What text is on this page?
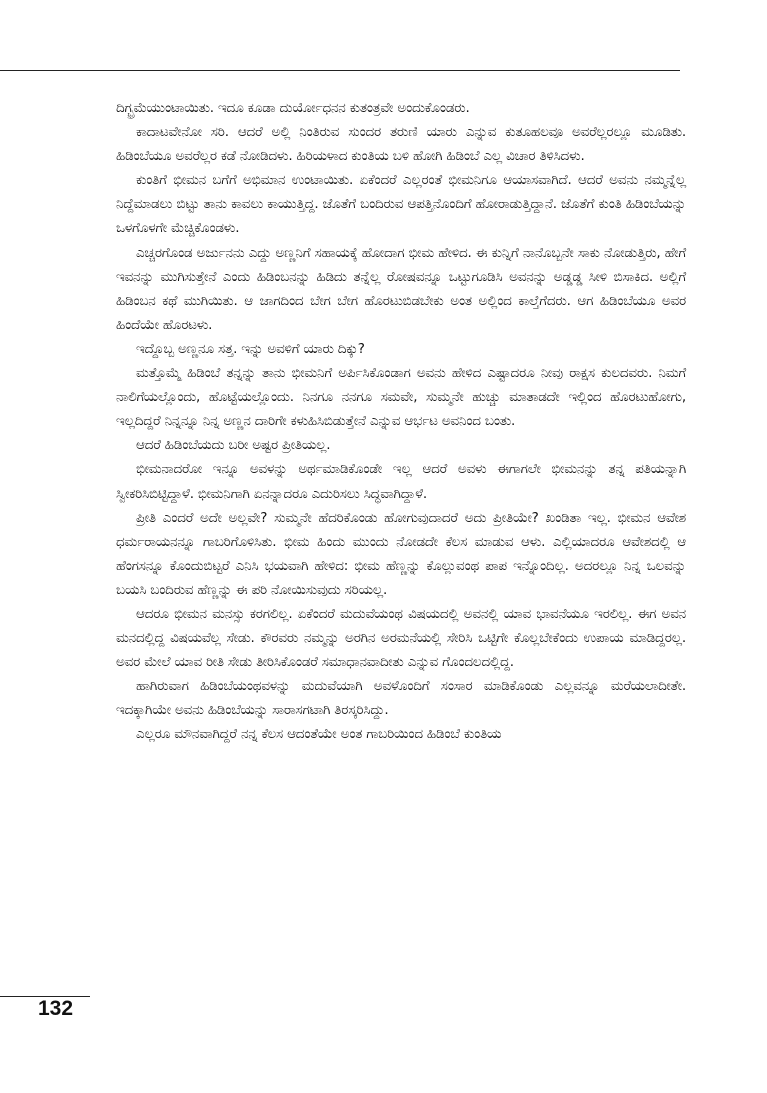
ದಿಗ್ಭ್ರಮೆಯುಂಟಾಯಿತು. ಇದೂ ಕೂಡಾ ದುರ್ಯೋಧನನ ಕುತಂತ್ರವೇ ಅಂದುಕೊಂಡರು.

ಕಾದಾಟವೇನೋ ಸರಿ. ಆದರೆ ಅಲ್ಲಿ ನಿಂತಿರುವ ಸುಂದರ ತರುಣಿ ಯಾರು ಎನ್ನುವ ಕುತೂಹಲವೂ ಅವರೆಲ್ಲರಲ್ಲೂ ಮೂಡಿತು. ಹಿಡಿಂಬೆಯೂ ಅವರೆಲ್ಲರ ಕಡೆ ನೋಡಿದಳು. ಹಿರಿಯಳಾದ ಕುಂತಿಯ ಬಳಿ ಹೋಗಿ ಹಿಡಿಂಬೆ ಎಲ್ಲ ವಿಚಾರ ತಿಳಿಸಿದಳು.

ಕುಂತಿಗೆ ಭೀಮನ ಬಗೆಗೆ ಅಭಿಮಾನ ಉಂಟಾಯಿತು. ಏಕೆಂದರೆ ಎಲ್ಲರಂತೆ ಭೀಮನಿಗೂ ಆಯಾಸವಾಗಿದೆ. ಆದರೆ ಅವನು ನಮ್ಮನ್ನೆಲ್ಲ ನಿದ್ದೆಮಾಡಲು ಬಿಟ್ಟು ತಾನು ಕಾವಲು ಕಾಯುತ್ತಿದ್ದ. ಜೊತೆಗೆ ಬಂದಿರುವ ಆಪತ್ತಿನೊಂದಿಗೆ ಹೋರಾಡುತ್ತಿದ್ದಾನೆ. ಜೊತೆಗೆ ಕುಂತಿ ಹಿಡಿಂಬೆಯನ್ನು ಒಳಗೊಳಗೇ ಮೆಚ್ಚಿಕೊಂಡಳು.

ಎಚ್ಚರಗೊಂಡ ಅರ್ಜುನನು ಎದ್ದು ಅಣ್ಣನಿಗೆ ಸಹಾಯಕ್ಕೆ ಹೋದಾಗ ಭೀಮ ಹೇಳಿದ. ಈ ಕುನ್ನಿಗೆ ನಾನೊಬ್ಬನೇ ಸಾಕು ನೋಡುತ್ತಿರು, ಹೇಗೆ ಇವನನ್ನು ಮುಗಿಸುತ್ತೇನೆ ಎಂದು ಹಿಡಿಂಬನನ್ನು ಹಿಡಿದು ತನ್ನೆಲ್ಲ ರೋಷವನ್ನೂ ಒಟ್ಟುಗೂಡಿಸಿ ಅವನನ್ನು ಅಡ್ಡಡ್ಡ ಸೀಳಿ ಬಿಸಾಕಿದ. ಅಲ್ಲಿಗೆ ಹಿಡಿಂಬನ ಕಥೆ ಮುಗಿಯಿತು. ಆ ಜಾಗದಿಂದ ಬೇಗ ಬೇಗ ಹೊರಟುಬಿಡಬೇಕು ಅಂತ ಅಲ್ಲಿಂದ ಕಾಲ್ತೆಗೆದರು. ಆಗ ಹಿಡಿಂಬೆಯೂ ಅವರ ಹಿಂದೆಯೇ ಹೊರಟಳು.

ಇದ್ದೊಬ್ಬ ಅಣ್ಣನೂ ಸತ್ತ. ಇನ್ನು ಅವಳಿಗೆ ಯಾರು ದಿಕ್ಕು?

ಮತ್ತೊಮ್ಮೆ ಹಿಡಿಂಬೆ ತನ್ನನ್ನು ತಾನು ಭೀಮನಿಗೆ ಅರ್ಪಿಸಿಕೊಂಡಾಗ ಅವನು ಹೇಳಿದ ಎಷ್ಟಾದರೂ ನೀವು ರಾಕ್ಷಸ ಕುಲದವರು. ನಿಮಗೆ ನಾಲಿಗೆಯಲ್ಲೊಂದು, ಹೊಟ್ಟೆಯಲ್ಲೊಂದು. ನಿನಗೂ ನನಗೂ ಸಮವೇ, ಸುಮ್ಮನೇ ಹುಚ್ಚು ಮಾತಾಡದೇ ಇಲ್ಲಿಂದ ಹೊರಟುಹೋಗು, ಇಲ್ಲದಿದ್ದರೆ ನಿನ್ನನ್ನೂ ನಿನ್ನ ಅಣ್ಣನ ದಾರಿಗೇ ಕಳುಹಿಸಿಬಿಡುತ್ತೇನೆ ಎನ್ನುವ ಆರ್ಭಟ ಅವನಿಂದ ಬಂತು.

ಆದರೆ ಹಿಡಿಂಬೆಯದು ಬರೀ ಅಷ್ಟರ ಪ್ರೀತಿಯಲ್ಲ.

ಭೀಮನಾದರೋ ಇನ್ನೂ ಅವಳನ್ನು ಅರ್ಥಮಾಡಿಕೊಂಡೇ ಇಲ್ಲ ಆದರೆ ಅವಳು ಈಗಾಗಲೇ ಭೀಮನನ್ನು ತನ್ನ ಪತಿಯನ್ನಾಗಿ ಸ್ವೀಕರಿಸಿಬಿಟ್ಟಿದ್ದಾಳೆ. ಭೀಮನಿಗಾಗಿ ಏನನ್ನಾದರೂ ಎದುರಿಸಲು ಸಿದ್ಧವಾಗಿದ್ದಾಳೆ.

ಪ್ರೀತಿ ಎಂದರೆ ಅದೇ ಅಲ್ಲವೇ? ಸುಮ್ಮನೇ ಹೆದರಿಕೊಂಡು ಹೋಗುವುದಾದರೆ ಅದು ಪ್ರೀತಿಯೇ? ಖಂಡಿತಾ ಇಲ್ಲ. ಭೀಮನ ಆವೇಶ ಧರ್ಮರಾಯನನ್ನೂ ಗಾಬರಿಗೊಳಿಸಿತು. ಭೀಮ ಹಿಂದು ಮುಂದು ನೋಡದೇ ಕೆಲಸ ಮಾಡುವ ಆಳು. ಎಲ್ಲಿಯಾದರೂ ಆವೇಶದಲ್ಲಿ ಆ ಹೆಂಗಸನ್ನೂ ಕೊಂದುಬಿಟ್ಟರೆ ಎನಿಸಿ ಭಯವಾಗಿ ಹೇಳಿದ: ಭೀಮ ಹೆಣ್ಣನ್ನು ಕೊಲ್ಲುವಂಥ ಪಾಪ ಇನ್ನೊಂದಿಲ್ಲ. ಅದರಲ್ಲೂ ನಿನ್ನ ಒಲವನ್ನು ಬಯಸಿ ಬಂದಿರುವ ಹೆಣ್ಣನ್ನು ಈ ಪರಿ ನೋಯಿಸುವುದು ಸರಿಯಲ್ಲ.

ಆದರೂ ಭೀಮನ ಮನಸ್ಸು ಕರಗಲಿಲ್ಲ. ಏಕೆಂದರೆ ಮದುವೆಯಂಥ ವಿಷಯದಲ್ಲಿ ಅವನಲ್ಲಿ ಯಾವ ಭಾವನೆಯೂ ಇರಲಿಲ್ಲ. ಈಗ ಅವನ ಮನದಲ್ಲಿದ್ದ ವಿಷಯವೆಲ್ಲ ಸೇಡು. ಕೌರವರು ನಮ್ಮನ್ನು ಅರಗಿನ ಅರಮನೆಯಲ್ಲಿ ಸೇರಿಸಿ ಒಟ್ಟಿಗೇ ಕೊಲ್ಲಬೇಕೆಂದು ಉಪಾಯ ಮಾಡಿದ್ದರಲ್ಲ. ಅವರ ಮೇಲೆ ಯಾವ ರೀತಿ ಸೇಡು ತೀರಿಸಿಕೊಂಡರೆ ಸಮಾಧಾನವಾದೀತು ಎನ್ನುವ ಗೊಂದಲದಲ್ಲಿದ್ದ.

ಹಾಗಿರುವಾಗ ಹಿಡಿಂಬೆಯಂಥವಳನ್ನು ಮದುವೆಯಾಗಿ ಅವಳೊಂದಿಗೆ ಸಂಸಾರ ಮಾಡಿಕೊಂಡು ಎಲ್ಲವನ್ನೂ ಮರೆಯಲಾದೀತೇ. ಇದಕ್ಕಾಗಿಯೇ ಅವನು ಹಿಡಿಂಬೆಯನ್ನು ಸಾರಾಸಗಟಾಗಿ ತಿರಸ್ಕರಿಸಿದ್ದು.

ಎಲ್ಲರೂ ಮೌನವಾಗಿದ್ದರೆ ನನ್ನ ಕೆಲಸ ಆದಂತೆಯೇ ಅಂತ ಗಾಬರಿಯಿಂದ ಹಿಡಿಂಬೆ ಕುಂತಿಯ

132
